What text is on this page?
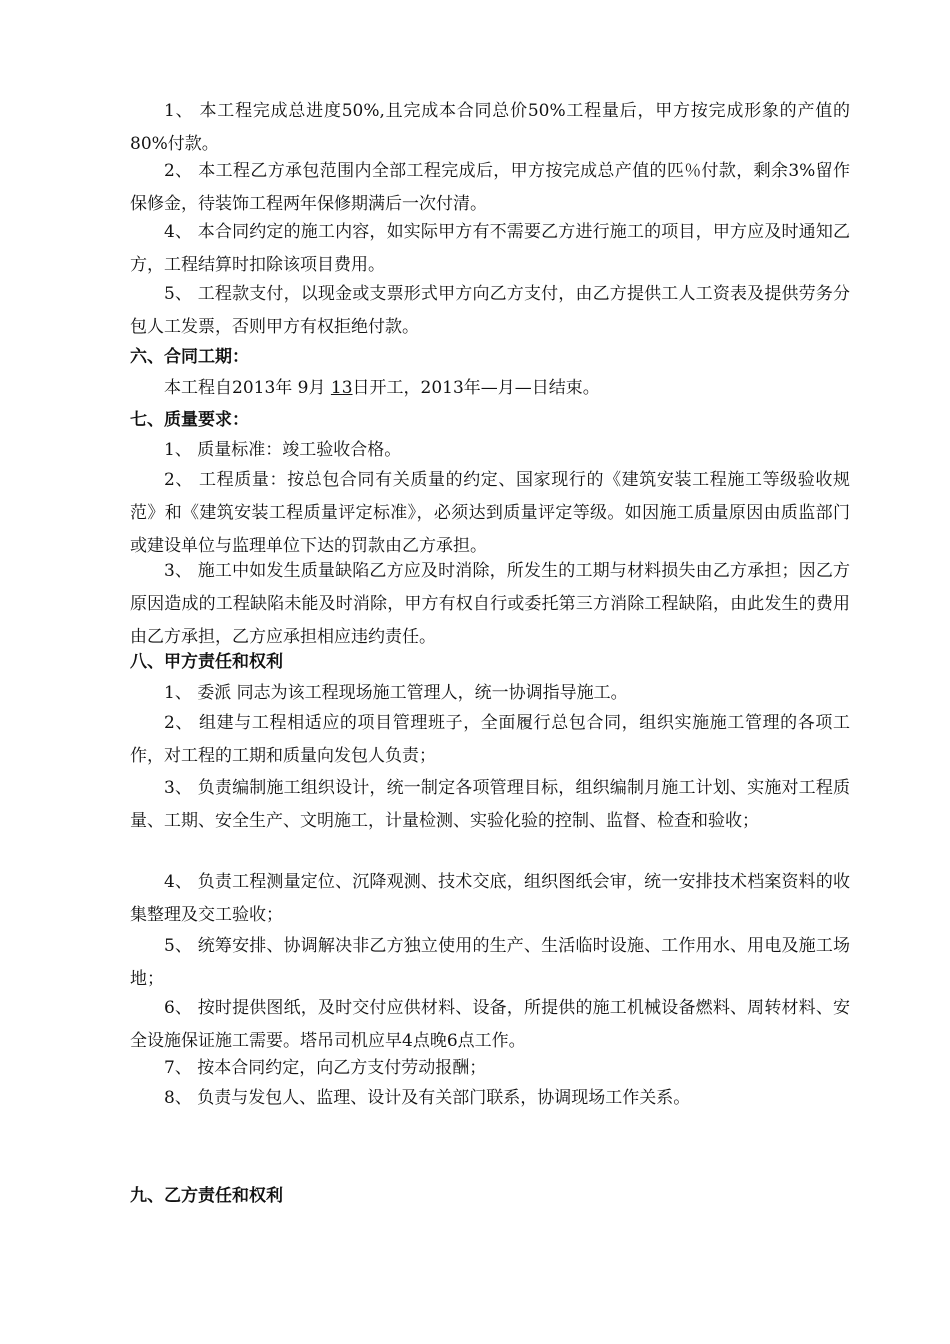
1、 本工程完成总进度50%,且完成本合同总价50%工程量后，甲方按完成形象的产值的80%付款。
2、 本工程乙方承包范围内全部工程完成后，甲方按完成总产值的匹％付款，剩余3%留作保修金，待装饰工程两年保修期满后一次付清。
4、 本合同约定的施工内容，如实际甲方有不需要乙方进行施工的项目，甲方应及时通知乙方，工程结算时扣除该项目费用。
5、 工程款支付，以现金或支票形式甲方向乙方支付，由乙方提供工人工资表及提供劳务分包人工发票，否则甲方有权拒绝付款。
六、合同工期：
本工程自2013年 9月 13日开工，2013年—月—日结束。
七、质量要求：
1、 质量标准：竣工验收合格。
2、 工程质量：按总包合同有关质量的约定、国家现行的《建筑安装工程施工等级验收规范》和《建筑安装工程质量评定标准》，必须达到质量评定等级。如因施工质量原因由质监部门或建设单位与监理单位下达的罚款由乙方承担。
3、 施工中如发生质量缺陷乙方应及时消除，所发生的工期与材料损失由乙方承担；因乙方原因造成的工程缺陷未能及时消除，甲方有权自行或委托第三方消除工程缺陷，由此发生的费用由乙方承担，乙方应承担相应违约责任。
八、甲方责任和权利
1、 委派 同志为该工程现场施工管理人，统一协调指导施工。
2、 组建与工程相适应的项目管理班子，全面履行总包合同，组织实施施工管理的各项工作，对工程的工期和质量向发包人负责；
3、 负责编制施工组织设计，统一制定各项管理目标，组织编制月施工计划、实施对工程质量、工期、安全生产、文明施工，计量检测、实验化验的控制、监督、检查和验收；
4、 负责工程测量定位、沉降观测、技术交底，组织图纸会审，统一安排技术档案资料的收集整理及交工验收；
5、 统筹安排、协调解决非乙方独立使用的生产、生活临时设施、工作用水、用电及施工场地；
6、 按时提供图纸，及时交付应供材料、设备，所提供的施工机械设备燃料、周转材料、安全设施保证施工需要。塔吊司机应早4点晚6点工作。
7、 按本合同约定，向乙方支付劳动报酬；
8、 负责与发包人、监理、设计及有关部门联系，协调现场工作关系。
九、乙方责任和权利
